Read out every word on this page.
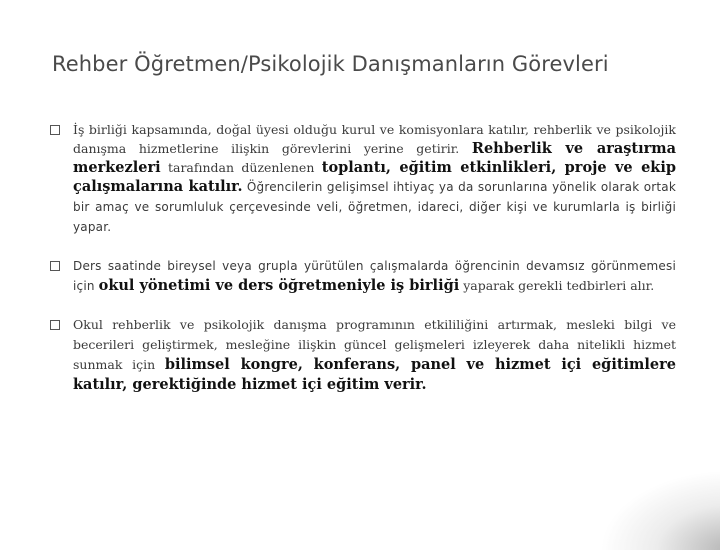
Rehber Öğretmen/Psikolojik Danışmanların Görevleri
İş birliği kapsamında, doğal üyesi olduğu kurul ve komisyonlara katılır, rehberlik ve psikolojik danışma hizmetlerine ilişkin görevlerini yerine getirir. Rehberlik ve araştırma merkezleri tarafından düzenlenen toplantı, eğitim etkinlikleri, proje ve ekip çalışmalarına katılır. Öğrencilerin gelişimsel ihtiyaç ya da sorunlarına yönelik olarak ortak bir amaç ve sorumluluk çerçevesinde veli, öğretmen, idareci, diğer kişi ve kurumlarla iş birliği yapar.
Ders saatinde bireysel veya grupla yürütülen çalışmalarda öğrencinin devamsız görünmemesi için okul yönetimi ve ders öğretmeniyle iş birliği yaparak gerekli tedbirleri alır.
Okul rehberlik ve psikolojik danışma programının etkililiğini artırmak, mesleki bilgi ve becerileri geliştirmek, mesleğine ilişkin güncel gelişmeleri izleyerek daha nitelikli hizmet sunmak için bilimsel kongre, konferans, panel ve hizmet içi eğitimlere katılır, gerektiğinde hizmet içi eğitim verir.
